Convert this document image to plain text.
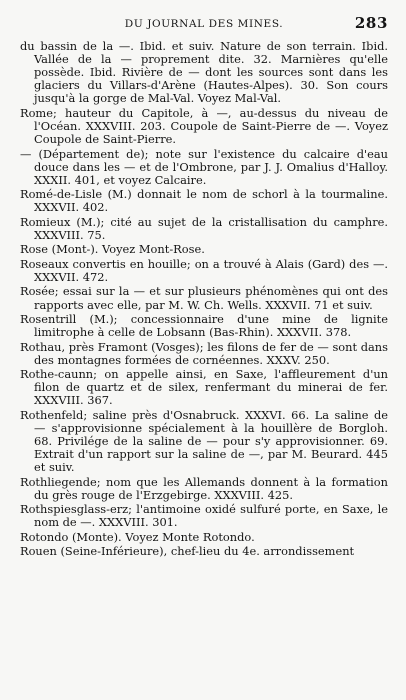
DU JOURNAL DES MINES.	283

du bassin de la —. Ibid. et suiv. Nature de son terrain. Ibid. Vallée de la — proprement dite. 32. Marnières qu'elle possède. Ibid. Rivière de — dont les sources sont dans les glaciers du Villars-d'Arène (Hautes-Alpes). 30. Son cours jusqu'à la gorge de Mal-Val. Voyez Mal-Val.

Rome; hauteur du Capitole, à —, au-dessus du niveau de l'Océan. XXXVIII. 203. Coupole de Saint-Pierre de —. Voyez Coupole de Saint-Pierre.

— (Département de); note sur l'existence du calcaire d'eau douce dans les — et de l'Ombrone, par J. J. Omalius d'Halloy. XXXII. 401, et voyez Calcaire.

Romé-de-Lisle (M.) donnait le nom de schorl à la tourmaline. XXXVII. 402.

Romieux (M.); cité au sujet de la cristallisation du camphre. XXXVIII. 75.

Rose (Mont-). Voyez Mont-Rose.

Roseaux convertis en houille; on a trouvé à Alais (Gard) des —. XXXVII. 472.

Rosée; essai sur la — et sur plusieurs phénomènes qui ont des rapports avec elle, par M. W. Ch. Wells. XXXVII. 71 et suiv.

Rosentrill (M.); concessionnaire d'une mine de lignite limitrophe à celle de Lobsann (Bas-Rhin). XXXVII. 378.

Rothau, près Framont (Vosges); les filons de fer de — sont dans des montagnes formées de cornéennes. XXXV. 250.

Rothe-caunn; on appelle ainsi, en Saxe, l'affleurement d'un filon de quartz et de silex, renfermant du minerai de fer. XXXVIII. 367.

Rothenfeld; saline près d'Osnabruck. XXXVI. 66. La saline de — s'approvisionne spécialement à la houillère de Borgloh. 68. Privilége de la saline de — pour s'y approvisionner. 69. Extrait d'un rapport sur la saline de —, par M. Beurard. 445 et suiv.

Rothliegende; nom que les Allemands donnent à la formation du grès rouge de l'Erzgebirge. XXXVIII. 425.

Rothspiesglass-erz; l'antimoine oxidé sulfuré porte, en Saxe, le nom de —. XXXVIII. 301.

Rotondo (Monte). Voyez Monte Rotondo.

Rouen (Seine-Inférieure), chef-lieu du 4e. arrondissement
